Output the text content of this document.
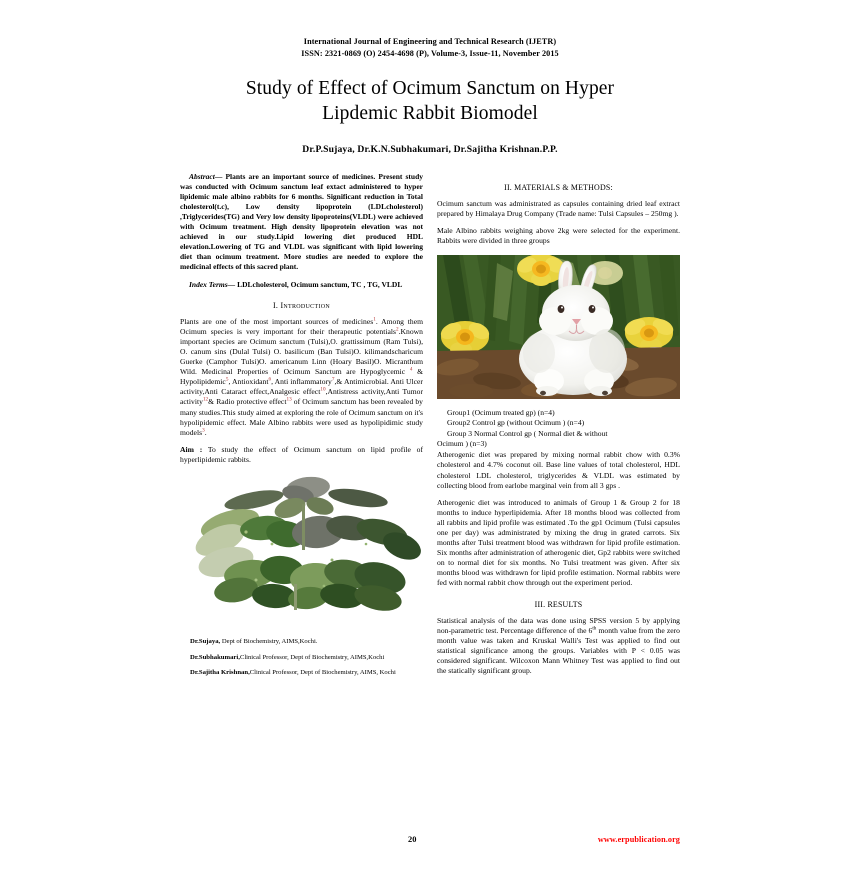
International Journal of Engineering and Technical Research (IJETR)
ISSN: 2321-0869 (O) 2454-4698 (P), Volume-3, Issue-11, November 2015
Study of Effect of Ocimum Sanctum on Hyper
Lipdemic Rabbit Biomodel
Dr.P.Sujaya, Dr.K.N.Subhakumari, Dr.Sajitha Krishnan.P.P.

Abstract— Plants are an important source of medicines. Present study was conducted with Ocimum sanctum leaf extact administered to hyper lipidemic male albino rabbits for 6 months. Significant reduction in Total cholesterol(t.c), Low density lipoprotein (LDLcholesterol) ,Triglycerides(TG) and Very low density lipoproteins(VLDL) were achieved with Ocimum treatment. High density lipoprotein elevation was not achieved in our study.Lipid lowering diet produced HDL elevation.Lowering of TG and VLDL was significant with lipid lowering diet than ocimum treatment. More studies are needed to explore the medicinal effects of this sacred plant.

Index Terms— LDLcholesterol, Ocimum sanctum, TC , TG, VLDL

I. Introduction

Plants are one of the most important sources of medicines$^1$. Among them Ocimum species is very important for their therapeutic potentials$^2$.Known important species are Ocimum sanctum (Tulsi),O. grattissimum (Ram Tulsi), O. canum sins (Dulal Tulsi) O. basilicum (Ban Tulsi)O. kilimandscharicum Guerke (Camphor Tulsi)O. americanum Linn (Hoary Basil)O. Micranthum Wild. Medicinal Properties of Ocimum Sanctum are Hypoglycemic $^4$ & Hypolipidemic$^5$, Antioxidant$^6$, Anti inflammatory$^7$,& Antimicrobial. Anti Ulcer activity,Anti Cataract effect,Analgesic effect$^{10}$,Antistress activity,Anti Tumor activity$^{12}$& Radio protective effect$^{13}$ of Ocimum sanctum has been revealed by many studies.This study aimed at exploring the role of Ocimum sanctum on it's hypolipidemic effect. Male Albino rabbits were used as hypolipidimic study models$^3$.

Aim : To study the effect of Ocimum sanctum on lipid profile of hyperlipidemic rabbits.

Dr.Sujaya, Dept of Biochemistry, AIMS,Kochi.

Dr.Subhakumari,Clinical Professor, Dept of Biochemistry, AIMS,Kochi

Dr.Sajitha Krishnan,Clinical Professor, Dept of Biochemistry, AIMS, Kochi

II. MATERIALS & METHODS:

Ocimum sanctum was administrated as capsules containing dried leaf extract prepared by Himalaya Drug Company (Trade name: Tulsi Capsules – 250mg ).

Male Albino rabbits weighing above 2kg were selected for the experiment. Rabbits were divided in three groups

Group1 (Ocimum treated gp) (n=4)
Group2 Control gp (without Ocimum ) (n=4)
Group 3 Normal Control gp ( Normal diet & without
Ocimum ) (n=3)

Atherogenic diet was prepared by mixing normal rabbit chow with 0.3% cholesterol and 4.7% coconut oil. Base line values of total cholesterol, HDL cholesterol LDL cholesterol, triglycerides & VLDL was estimated by collecting blood from earlobe marginal vein from all 3 gps .

Atherogenic diet was introduced to animals of Group 1 & Group 2 for 18 months to induce hyperlipidemia. After 18 months blood was collected from all rabbits and lipid profile was estimated .To the gp1 Ocimum (Tulsi capsules one per day) was administrated by mixing the drug in grated carrots. Six months after Tulsi treatment blood was withdrawn for lipid profile estimation. Six months after administration of atherogenic diet, Gp2 rabbits were switched on to normal diet for six months. No Tulsi treatment was given. After six months blood was withdrawn for lipid profile estimation. Normal rabbits were fed with normal rabbit chow through out the experiment period.

III. RESULTS

Statistical analysis of the data was done using SPSS version 5 by applying non-parametric test. Percentage difference of the 6th month value from the zero month value was taken and Kruskal Walli's Test was applied to find out statistical significance among the groups. Variables with P < 0.05 was considered significant. Wilcoxon Mann Whitney Test was applied to find out the statically significant group.

20	www.erpublication.org
